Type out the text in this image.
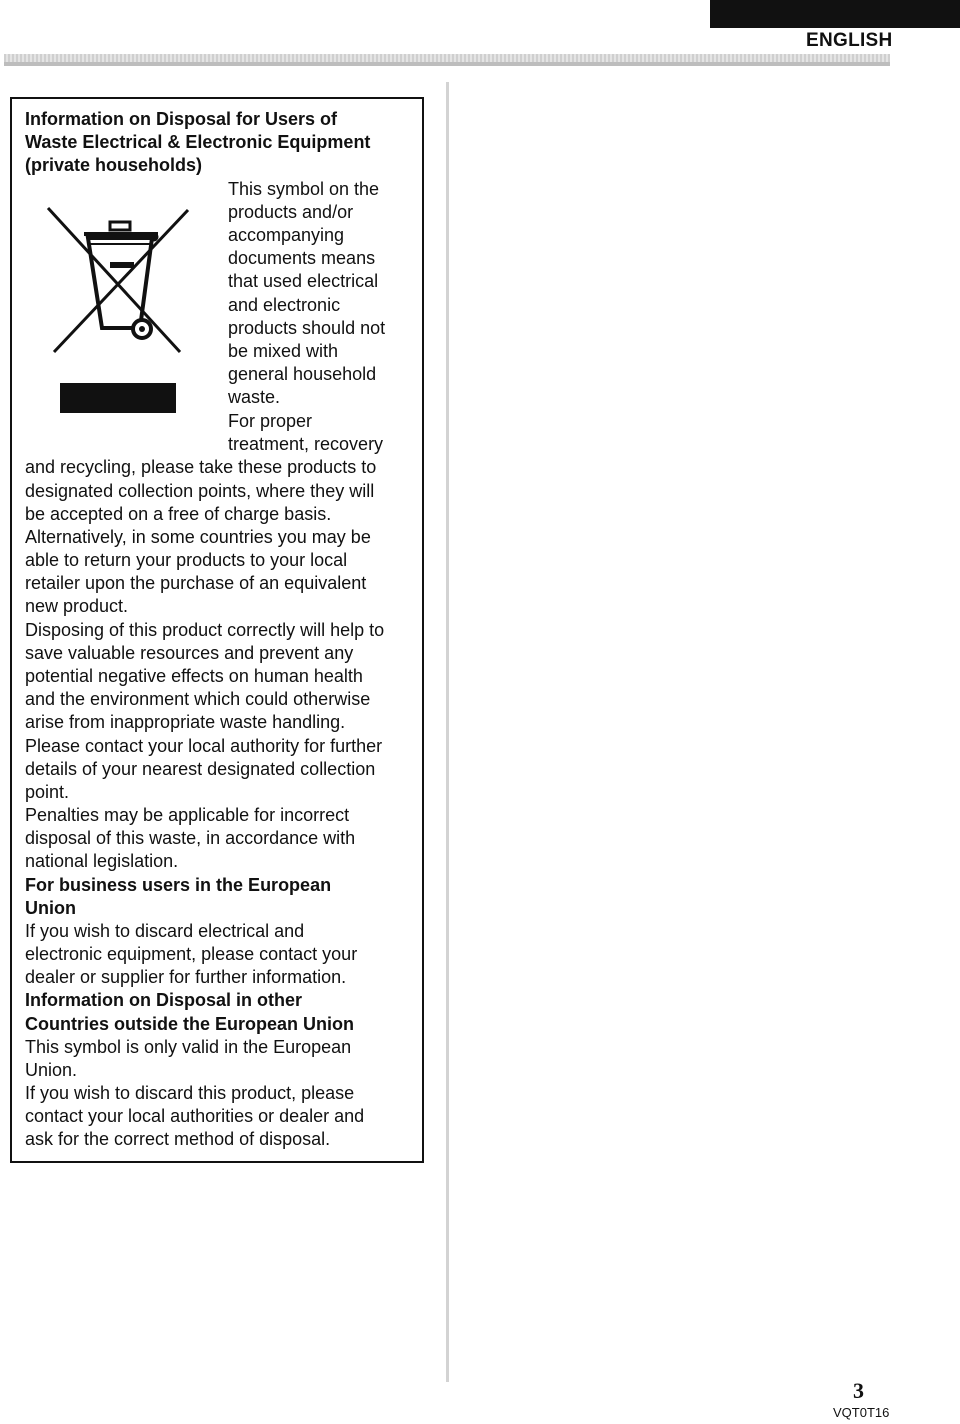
ENGLISH
Information on Disposal for Users of
Waste Electrical & Electronic Equipment
(private households)
This symbol on the
products and/or
accompanying
documents means
that used electrical
and electronic
products should not
be mixed with
general household
waste.
For proper
treatment, recovery
and recycling, please take these products to
designated collection points, where they will
be accepted on a free of charge basis.
Alternatively, in some countries you may be
able to return your products to your local
retailer upon the purchase of an equivalent
new product.
Disposing of this product correctly will help to
save valuable resources and prevent any
potential negative effects on human health
and the environment which could otherwise
arise from inappropriate waste handling.
Please contact your local authority for further
details of your nearest designated collection
point.
Penalties may be applicable for incorrect
disposal of this waste, in accordance with
national legislation.
For business users in the European
Union
If you wish to discard electrical and
electronic equipment, please contact your
dealer or supplier for further information.
Information on Disposal in other
Countries outside the European Union
This symbol is only valid in the European
Union.
If you wish to discard this product, please
contact your local authorities or dealer and
ask for the correct method of disposal.
3
VQT0T16
